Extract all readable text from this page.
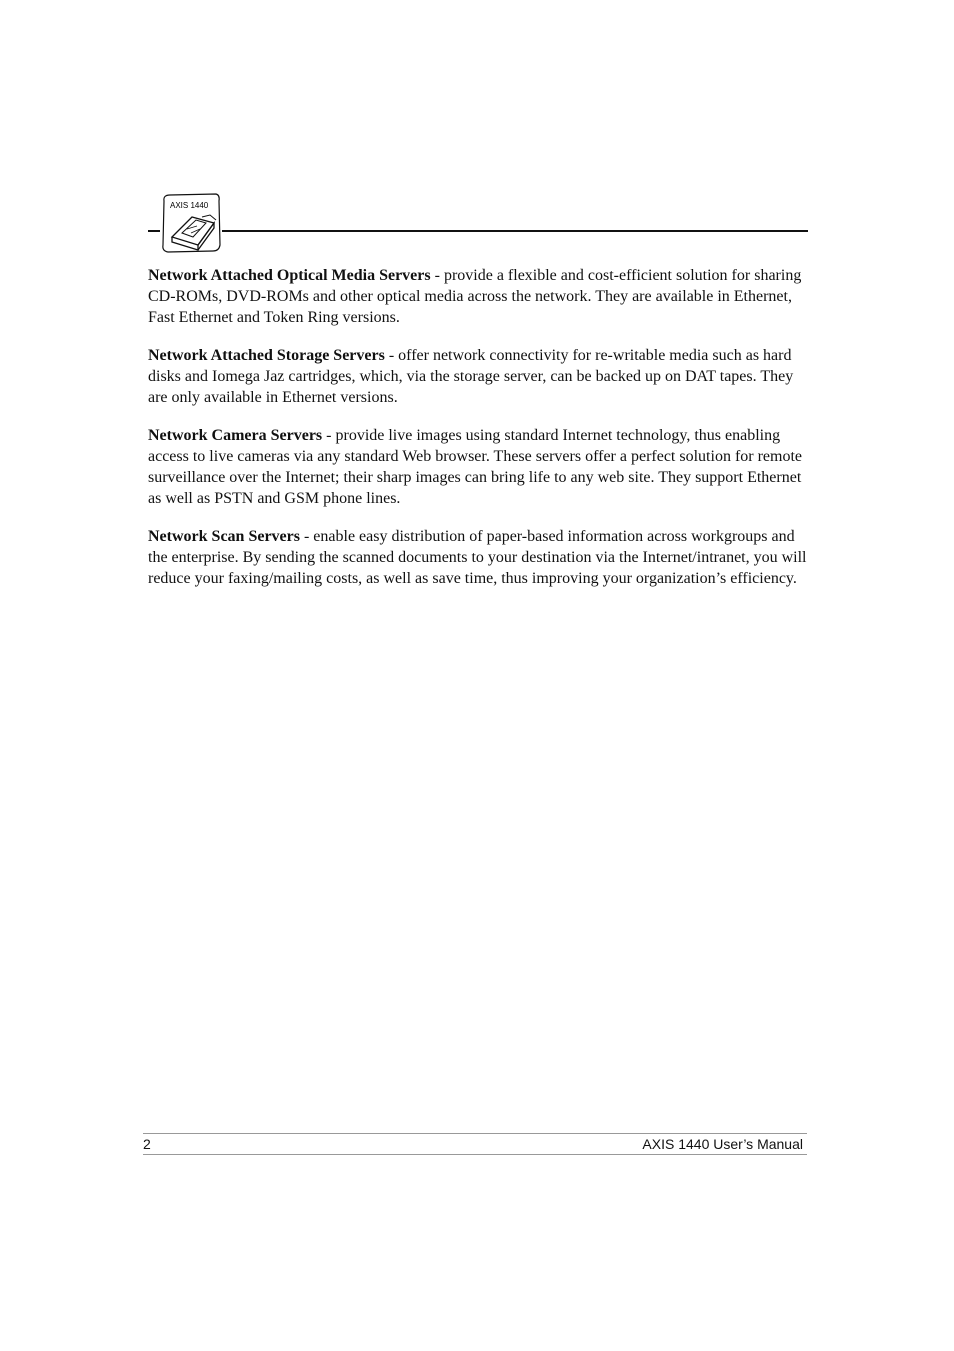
AXIS 1440

Network Attached Optical Media Servers - provide a flexible and cost-efficient solution for sharing CD-ROMs, DVD-ROMs and other optical media across the network. They are available in Ethernet, Fast Ethernet and Token Ring versions.

Network Attached Storage Servers - offer network connectivity for re-writable media such as hard disks and Iomega Jaz cartridges, which, via the storage server, can be backed up on DAT tapes. They are only available in Ethernet versions.

Network Camera Servers - provide live images using standard Internet technology, thus enabling access to live cameras via any standard Web browser. These servers offer a perfect solution for remote surveillance over the Internet; their sharp images can bring life to any web site. They support Ethernet as well as PSTN and GSM phone lines.

Network Scan Servers - enable easy distribution of paper-based information across workgroups and the enterprise. By sending the scanned documents to your destination via the Internet/intranet, you will reduce your faxing/mailing costs, as well as save time, thus improving your organization’s efficiency.

2	AXIS 1440 User’s Manual
